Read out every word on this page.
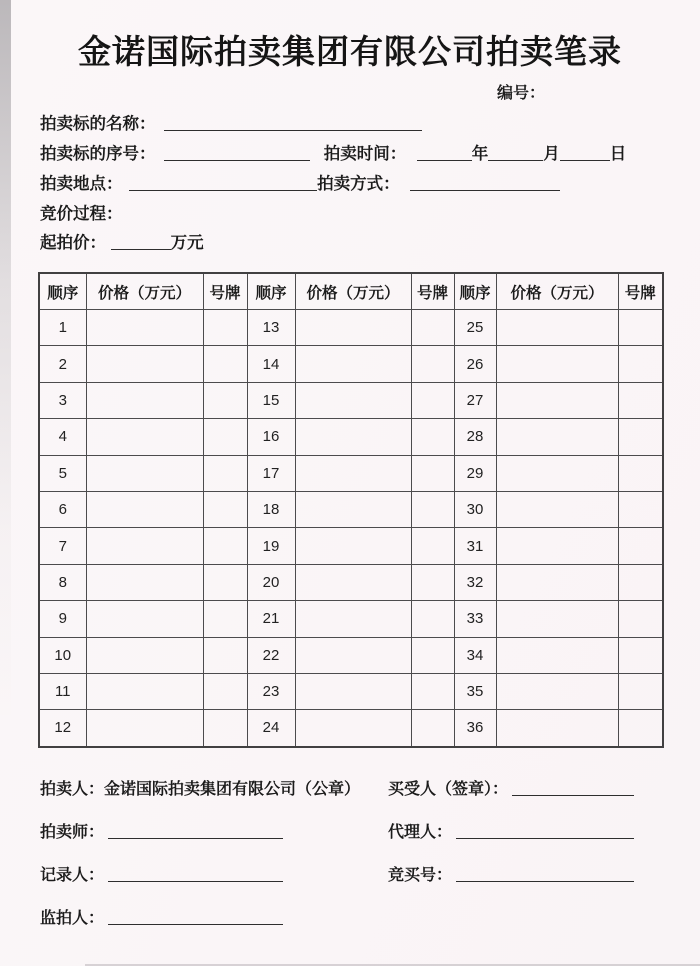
金诺国际拍卖集团有限公司拍卖笔录
编号：
拍卖标的名称：
拍卖标的序号：	拍卖时间：	年	月	日
拍卖地点：	拍卖方式：
竞价过程：
起拍价：	万元
顺序	价格（万元）	号牌	顺序	价格（万元）	号牌	顺序	价格（万元）	号牌
1			13			25		
2			14			26		
3			15			27		
4			16			28		
5			17			29		
6			18			30		
7			19			31		
8			20			32		
9			21			33		
10			22			34		
11			23			35		
12			24			36		
拍卖人：金诺国际拍卖集团有限公司（公章） 买受人（签章）：
拍卖师：	代理人：
记录人：	竞买号：
监拍人：
